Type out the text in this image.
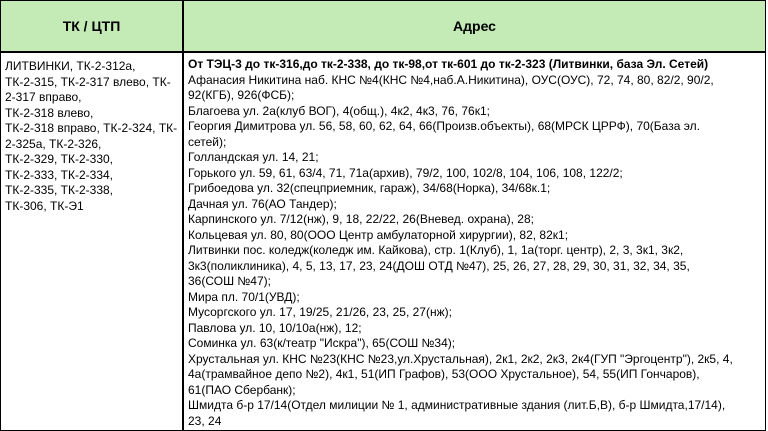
ТК / ЦТП	Адрес
ЛИТВИНКИ, ТК-2-312а,
ТК-2-315, ТК-2-317 влево, ТК-
2-317 вправо,
ТК-2-318 влево,
ТК-2-318 вправо, ТК-2-324, ТК-
2-325а, ТК-2-326,
ТК-2-329, ТК-2-330,
ТК-2-333, ТК-2-334,
ТК-2-335, ТК-2-338,
ТК-306, ТК-Э1
От ТЭЦ-3 до тк-316,до тк-2-338, до тк-98,от тк-601 до тк-2-323 (Литвинки, база Эл. Сетей)
Афанасия Никитина наб. КНС №4(КНС №4,наб.А.Никитина), ОУС(ОУС), 72, 74, 80, 82/2, 90/2,
92(КГБ), 926(ФСБ);
Благоева ул. 2а(клуб ВОГ), 4(общ.), 4к2, 4к3, 76, 76к1;
Георгия Димитрова ул. 56, 58, 60, 62, 64, 66(Произв.объекты), 68(МРСК ЦРРФ), 70(База эл.
сетей);
Голландская ул. 14, 21;
Горького ул. 59, 61, 63/4, 71, 71а(архив), 79/2, 100, 102/8, 104, 106, 108, 122/2;
Грибоедова ул. 32(спецприемник, гараж), 34/68(Норка), 34/68к.1;
Дачная ул. 76(АО Тандер);
Карпинского ул. 7/12(нж), 9, 18, 22/22, 26(Вневед. охрана), 28;
Кольцевая ул. 80, 80(ООО Центр амбулаторной хирургии), 82, 82к1;
Литвинки пос. коледж(коледж им. Кайкова), стр. 1(Клуб), 1, 1а(торг. центр), 2, 3, 3к1, 3к2,
3к3(поликлиника), 4, 5, 13, 17, 23, 24(ДОШ ОТД №47), 25, 26, 27, 28, 29, 30, 31, 32, 34, 35,
36(СОШ №47);
Мира пл. 70/1(УВД);
Мусоргского ул. 17, 19/25, 21/26, 23, 25, 27(нж);
Павлова ул. 10, 10/10а(нж), 12;
Соминка ул. 63(к/театр "Искра"), 65(СОШ №34);
Хрустальная ул. КНС №23(КНС №23,ул.Хрустальная), 2к1, 2к2, 2к3, 2к4(ГУП "Эргоцентр"), 2к5, 4,
4а(трамвайное депо №2), 4к1, 51(ИП Графов), 53(ООО Хрустальное), 54, 55(ИП Гончаров),
61(ПАО Сбербанк);
Шмидта б-р 17/14(Отдел милиции № 1, административные здания (лит.Б,В), б-р Шмидта,17/14),
23, 24
